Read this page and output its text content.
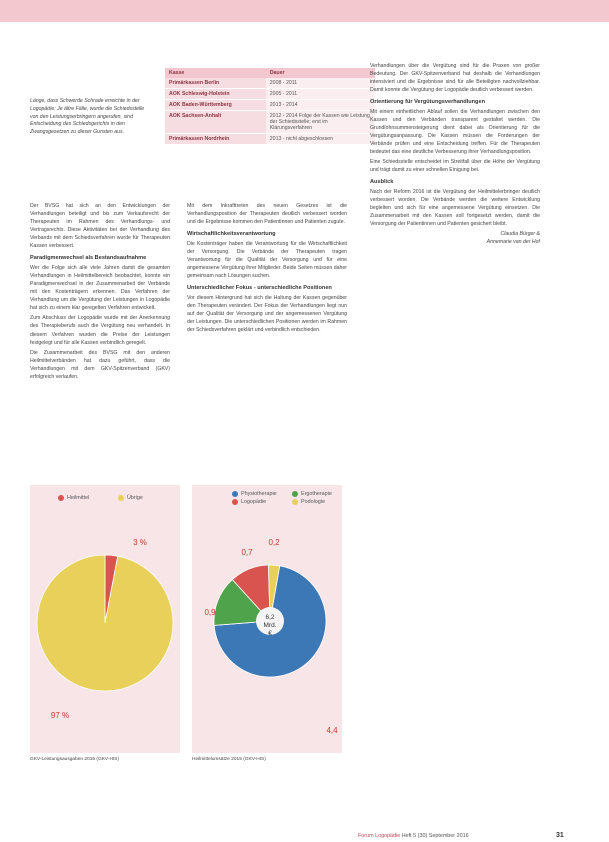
Länge, dass Schwerde Schrade erreichte in der Logopädie: Je ältre Fälle, wurde die Schiedsstelle von den Leistungserbringern angerufen, sind Entscheidung des Schiedsgerichts in den Zwangsgesetzen zu dieser Gunsten aus.
Kasse	Dauer
Primärkassen Berlin	2008 - 2011
AOK Schleswig-Holstein	2005 - 2011
AOK Baden-Württemberg	2013 - 2014
AOK Sachsen-Anhalt	2012 - 2014 Folge der Kassen wie Leistung der Schiedsstelle; erst im Klärungsverfahren
Primärkassen Nordrhein	2013 - nicht abgeschlossen

Der BVSG hat sich an den Entwicklungen der Verhandlungen beteiligt und bis zum Verkaufsrecht der Therapeuten im Rahmen des Verhandlungs- und Vertragsrechts. Diese Aktivitäten bei der Verhandlung des Verbands mit dem Schiedsverfahren wurde für Therapeuten Kassen verbessert.

Paradigmenwechsel als Bestandsaufnahme

Wer die Folge sich alle viele Jahren damit die gesamten Verhandlungen in Heilmittelbereich beobachtet, konnte ein Paradigmenwechsel in der Zusammenarbeit der Verbände mit den Kostenträgern erkennen. Das Verfahren der Verhandlung um die Vergütung der Leistungen in Logopädie hat sich zu einem klar geregelten Verfahren entwickelt.

Zum Abschluss der Logopädie wurde mit der Anerkennung des Therapieberufs auch die Vergütung neu verhandelt. In diesem Verfahren wurden die Preise der Leistungen festgelegt und für alle Kassen verbindlich geregelt.

Die Zusammenarbeit des BVSG mit den anderen Heilmittelverbänden hat dazu geführt, dass die Verhandlungen mit dem GKV-Spitzenverband (GKV) erfolgreich verlaufen.

Mit dem Inkrafttreten des neuen Gesetzes ist die Verhandlungsposition der Therapeuten deutlich verbessert worden und die Ergebnisse kommen den Patientinnen und Patienten zugute.

Wirtschaftlichkeitsverantwortung

Die Kostenträger haben die Verantwortung für die Wirtschaftlichkeit der Versorgung. Die Verbände der Therapeuten tragen Verantwortung für die Qualität der Versorgung und für eine angemessene Vergütung ihrer Mitglieder. Beide Seiten müssen daher gemeinsam nach Lösungen suchen.

Unterschiedlicher Fokus - unterschiedliche Positionen

Vor diesem Hintergrund hat sich die Haltung der Kassen gegenüber den Therapeuten verändert. Der Fokus der Verhandlungen liegt nun auf der Qualität der Versorgung und der angemessenen Vergütung der Leistungen. Die unterschiedlichen Positionen werden im Rahmen der Schiedsverfahren geklärt und verbindlich entschieden.

Verhandlungen über die Vergütung sind für die Praxen von großer Bedeutung. Der GKV-Spitzenverband hat deshalb die Verhandlungen intensiviert und die Ergebnisse sind für alle Beteiligten nachvollziehbar. Damit konnte die Vergütung der Logopädie deutlich verbessert werden.

Orientierung für Vergütungsverhandlungen

Mit einem einheitlichen Ablauf sollen die Verhandlungen zwischen den Kassen und den Verbänden transparent gestaltet werden. Die Grundlohnsummensteigerung dient dabei als Orientierung für die Vergütungsanpassung. Die Kassen müssen die Forderungen der Verbände prüfen und eine Entscheidung treffen. Für die Therapeuten bedeutet das eine deutliche Verbesserung ihrer Verhandlungsposition.

Eine Schiedsstelle entscheidet im Streitfall über die Höhe der Vergütung und trägt damit zu einer schnellen Einigung bei.

Ausblick

Nach der Reform 2016 ist die Vergütung der Heilmittelerbringer deutlich verbessert worden. Die Verbände werden die weitere Entwicklung begleiten und sich für eine angemessene Vergütung einsetzen. Die Zusammenarbeit mit den Kassen soll fortgesetzt werden, damit die Versorgung der Patientinnen und Patienten gesichert bleibt.

Claudia Bürger &
Annemarie van der Hof

Heilmittel	Übrige
3 %
97 %
GKV-Leistungsausgaben 2015 (GKV-HIS)
Physiotherapie	Ergotherapie
Logopädie	Podologie
4,4
0,9
0,7
0,2
6,2
Mrd.
€
Heilmittelumsätze 2015 (GKV-HIS)
Forum Logopädie Heft 5 (30) September 2016	31
